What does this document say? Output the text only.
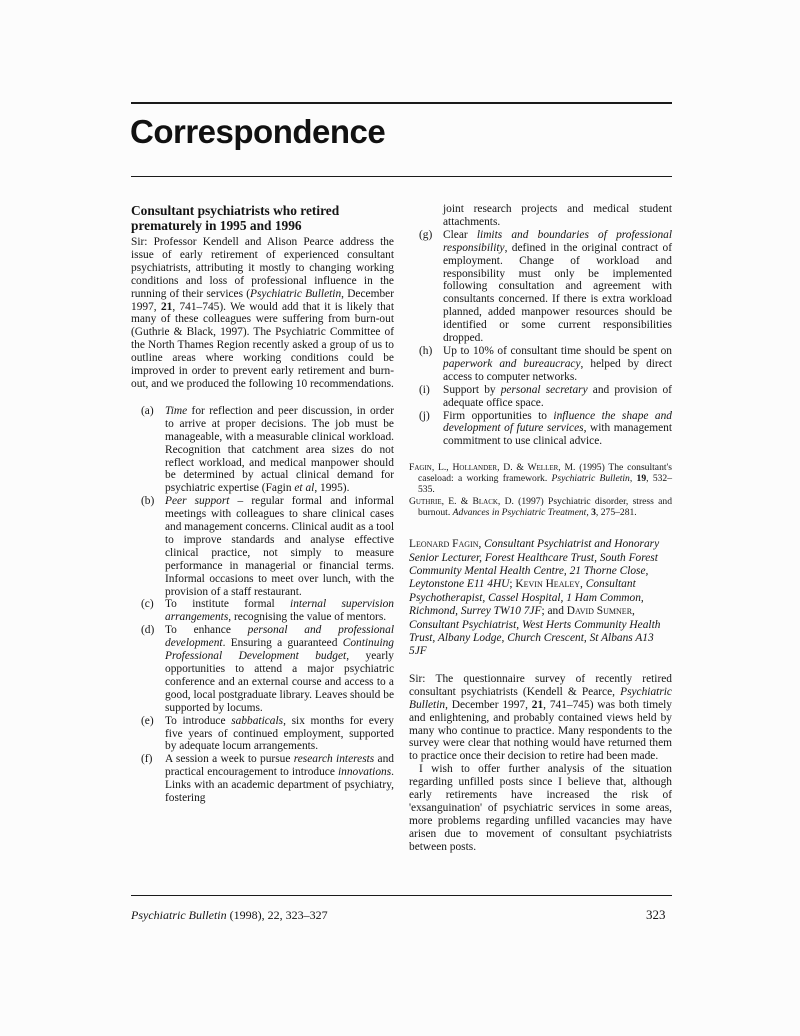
Correspondence
Consultant psychiatrists who retired prematurely in 1995 and 1996

Sir: Professor Kendell and Alison Pearce address the issue of early retirement of experienced consultant psychiatrists, attributing it mostly to changing working conditions and loss of professional influence in the running of their services (Psychiatric Bulletin, December 1997, 21, 741–745). We would add that it is likely that many of these colleagues were suffering from burn-out (Guthrie & Black, 1997). The Psychiatric Committee of the North Thames Region recently asked a group of us to outline areas where working conditions could be improved in order to prevent early retirement and burn-out, and we produced the following 10 recommendations.

(a) Time for reflection and peer discussion, in order to arrive at proper decisions. The job must be manageable, with a measurable clinical workload. Recognition that catchment area sizes do not reflect workload, and medical manpower should be determined by actual clinical demand for psychiatric expertise (Fagin et al, 1995).
(b) Peer support – regular formal and informal meetings with colleagues to share clinical cases and management concerns. Clinical audit as a tool to improve standards and analyse effective clinical practice, not simply to measure performance in managerial or financial terms. Informal occasions to meet over lunch, with the provision of a staff restaurant.
(c) To institute formal internal supervision arrangements, recognising the value of mentors.
(d) To enhance personal and professional development. Ensuring a guaranteed Continuing Professional Development budget, yearly opportunities to attend a major psychiatric conference and an external course and access to a good, local postgraduate library. Leaves should be supported by locums.
(e) To introduce sabbaticals, six months for every five years of continued employment, supported by adequate locum arrangements.
(f)	A session a week to pursue research interests and practical encouragement to introduce innovations. Links with an academic department of psychiatry, fostering
joint research projects and medical student attachments.
(g) Clear limits and boundaries of professional responsibility, defined in the original contract of employment. Change of workload and responsibility must only be implemented following consultation and agreement with consultants concerned. If there is extra workload planned, added manpower resources should be identified or some current responsibilities dropped.
(h) Up to 10% of consultant time should be spent on paperwork and bureaucracy, helped by direct access to computer networks.
(i)	Support by personal secretary and provision of adequate office space.
(j)	Firm opportunities to influence the shape and development of future services, with management commitment to use clinical advice.
Fagin, L., Hollander, D. & Weller, M. (1995) The consultant's caseload: a working framework. Psychiatric Bulletin, 19, 532–535.
Guthrie, E. & Black, D. (1997) Psychiatric disorder, stress and burnout. Advances in Psychiatric Treatment, 3, 275–281.
Leonard Fagin, Consultant Psychiatrist and Honorary Senior Lecturer, Forest Healthcare Trust, South Forest Community Mental Health Centre, 21 Thorne Close, Leytonstone E11 4HU; Kevin Healey, Consultant Psychotherapist, Cassel Hospital, 1 Ham Common, Richmond, Surrey TW10 7JF; and David Sumner, Consultant Psychiatrist, West Herts Community Health Trust, Albany Lodge, Church Crescent, St Albans A13 5JF

Sir: The questionnaire survey of recently retired consultant psychiatrists (Kendell & Pearce, Psychiatric Bulletin, December 1997, 21, 741–745) was both timely and enlightening, and probably contained views held by many who continue to practice. Many respondents to the survey were clear that nothing would have returned them to practice once their decision to retire had been made.

I wish to offer further analysis of the situation regarding unfilled posts since I believe that, although early retirements have increased the risk of 'exsanguination' of psychiatric services in some areas, more problems regarding unfilled vacancies may have arisen due to movement of consultant psychiatrists between posts.

Psychiatric Bulletin (1998), 22, 323–327	323
